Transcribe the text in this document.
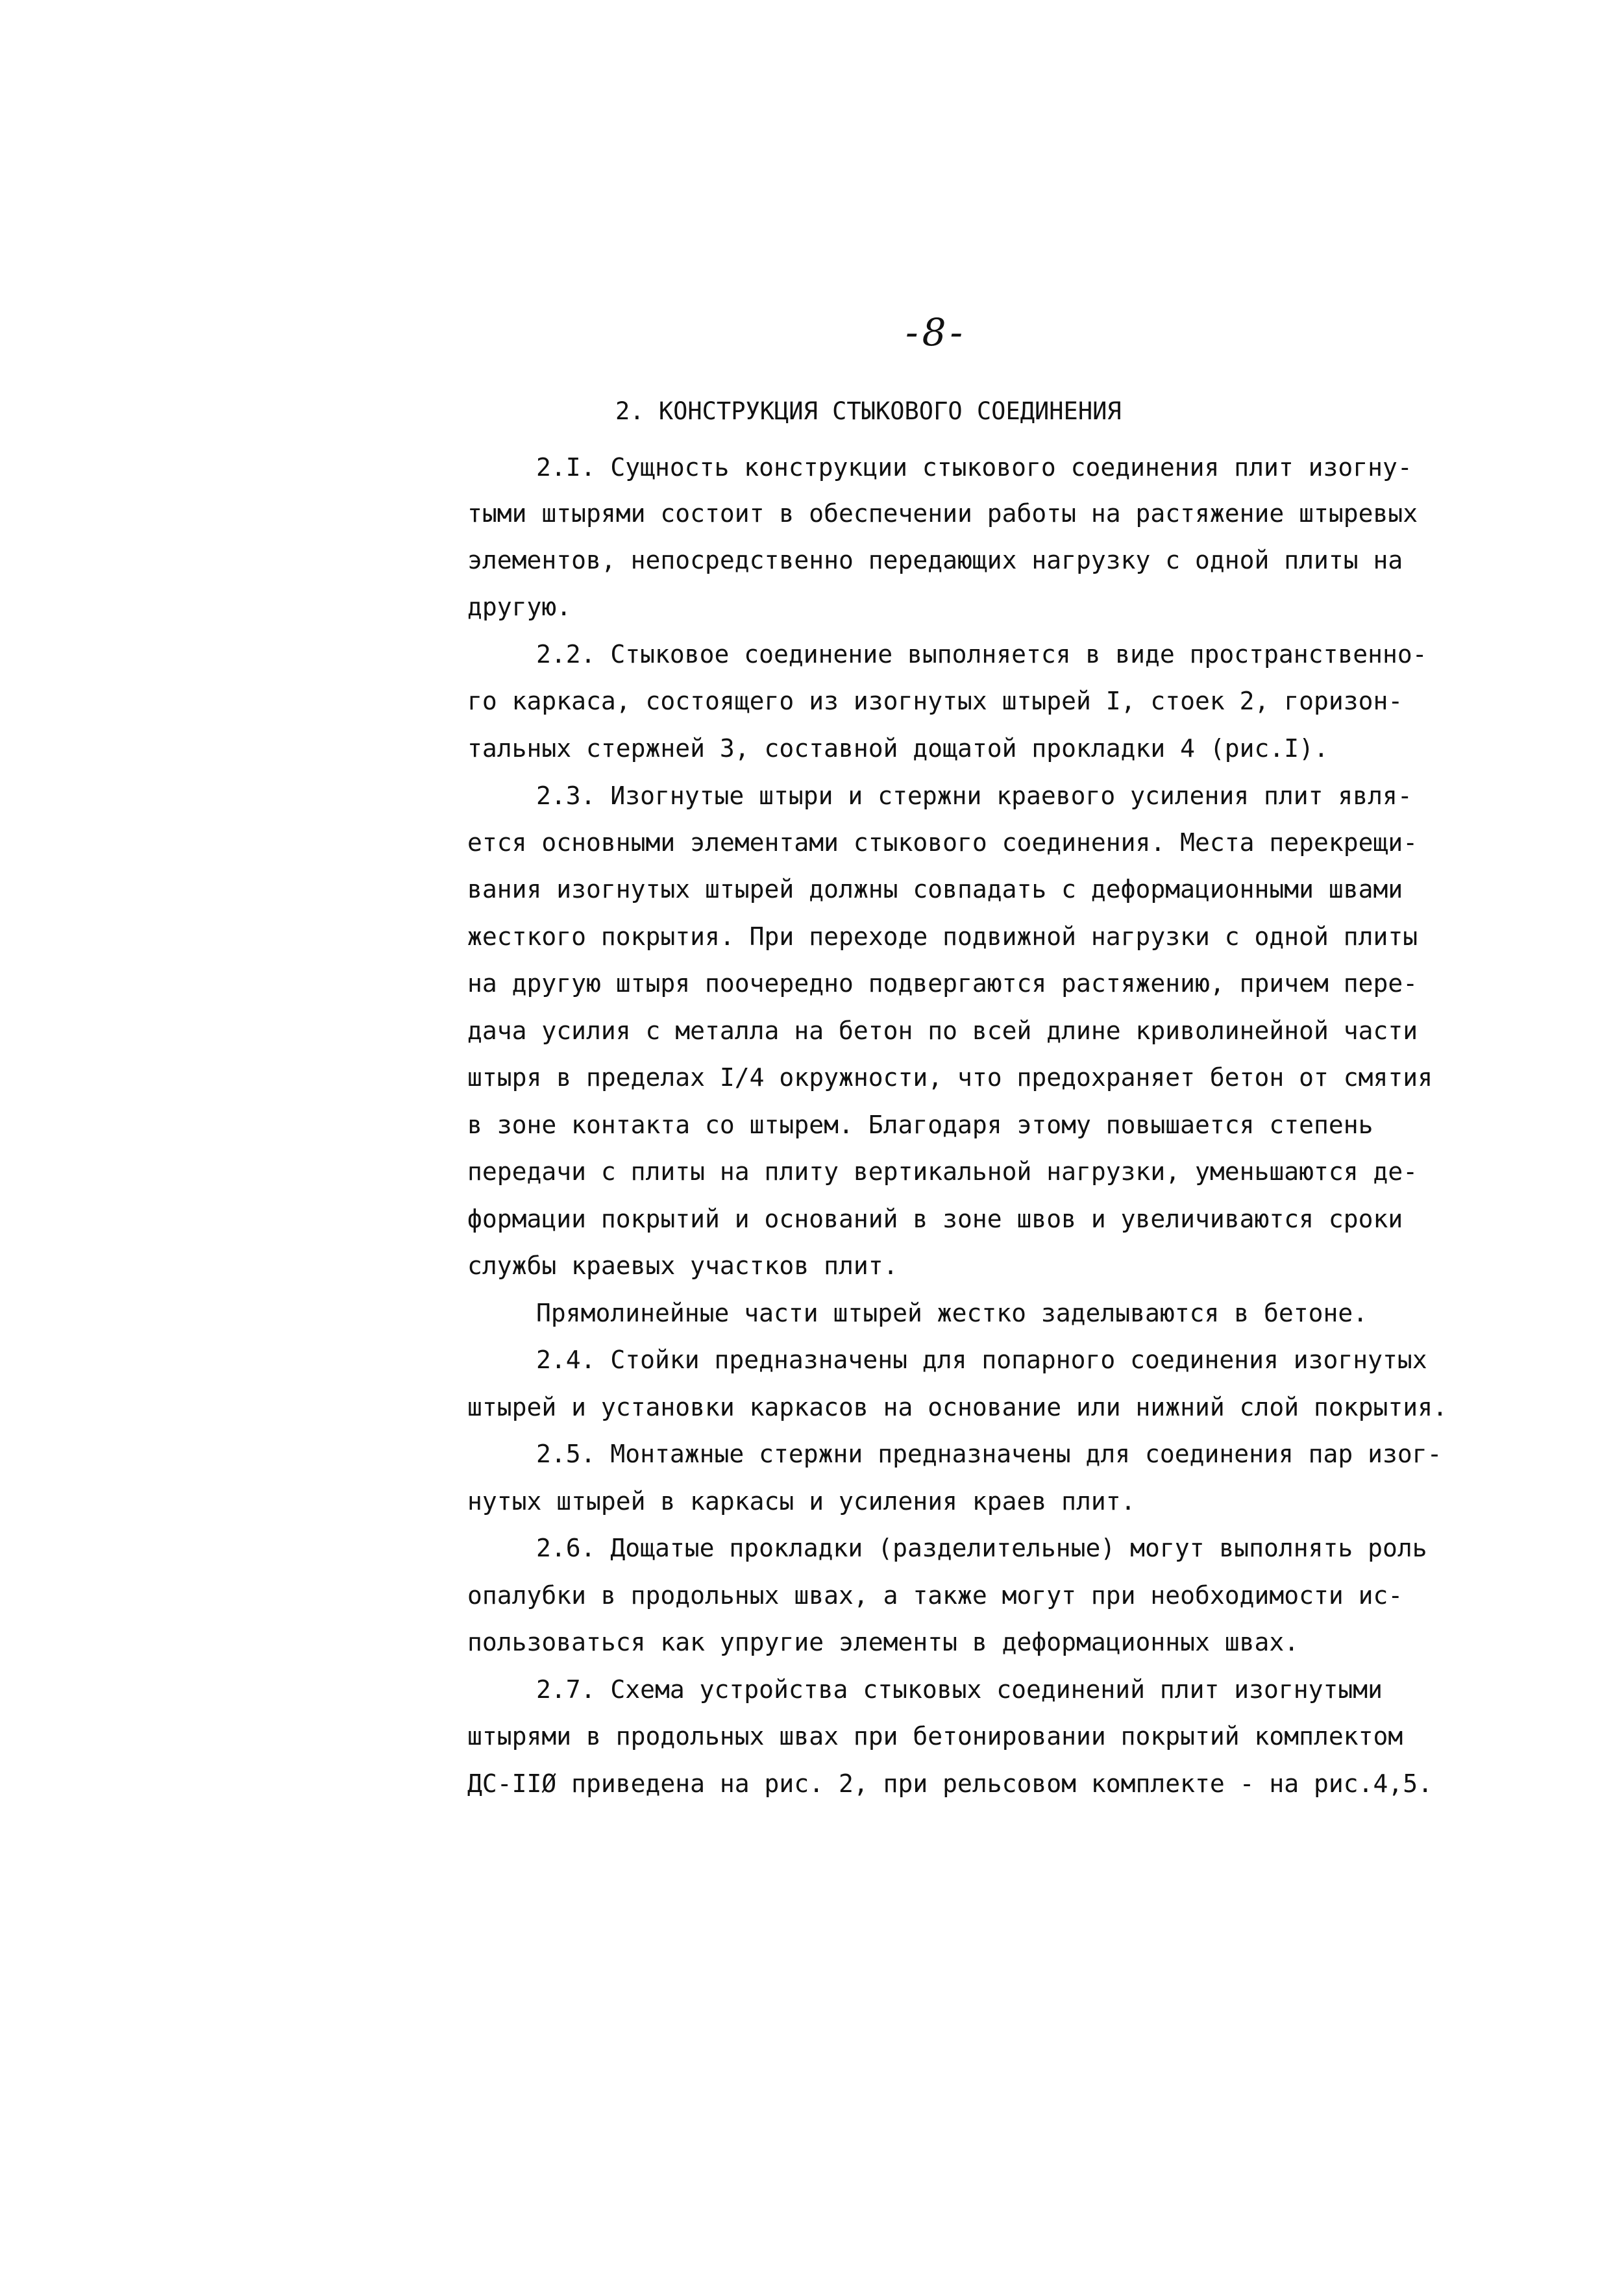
-8-
2. КОНСТРУКЦИЯ СТЫКОВОГО СОЕДИНЕНИЯ
2.I. Сущность конструкции стыкового соединения плит изогну-
тыми штырями состоит в обеспечении работы на растяжение штыревых
элементов, непосредственно передающих нагрузку с одной плиты на
другую.
2.2. Стыковое соединение выполняется в виде пространственно-
го каркаса, состоящего из изогнутых штырей I, стоек 2, горизон-
тальных стержней 3, составной дощатой прокладки 4 (рис.I).
2.3. Изогнутые штыри и стержни краевого усиления плит явля-
ется основными элементами стыкового соединения. Места перекрещи-
вания изогнутых штырей должны совпадать с деформационными швами
жесткого покрытия. При переходе подвижной нагрузки с одной плиты
на другую штыря поочередно подвергаются растяжению, причем пере-
дача усилия с металла на бетон по всей длине криволинейной части
штыря в пределах I/4 окружности, что предохраняет бетон от смятия
в зоне контакта со штырем. Благодаря этому повышается степень
передачи с плиты на плиту вертикальной нагрузки, уменьшаются де-
формации покрытий и оснований в зоне швов и увеличиваются сроки
службы краевых участков плит.
Прямолинейные части штырей жестко заделываются в бетоне.
2.4. Стойки предназначены для попарного соединения изогнутых
штырей и установки каркасов на основание или нижний слой покрытия.
2.5. Монтажные стержни предназначены для соединения пар изог-
нутых штырей в каркасы и усиления краев плит.
2.6. Дощатые прокладки (разделительные) могут выполнять роль
опалубки в продольных швах, а также могут при необходимости ис-
пользоваться как упругие элементы в деформационных швах.
2.7. Схема устройства стыковых соединений плит изогнутыми
штырями в продольных швах при бетонировании покрытий комплектом
ДС-IIØ приведена на рис. 2, при рельсовом комплекте - на рис.4,5.
